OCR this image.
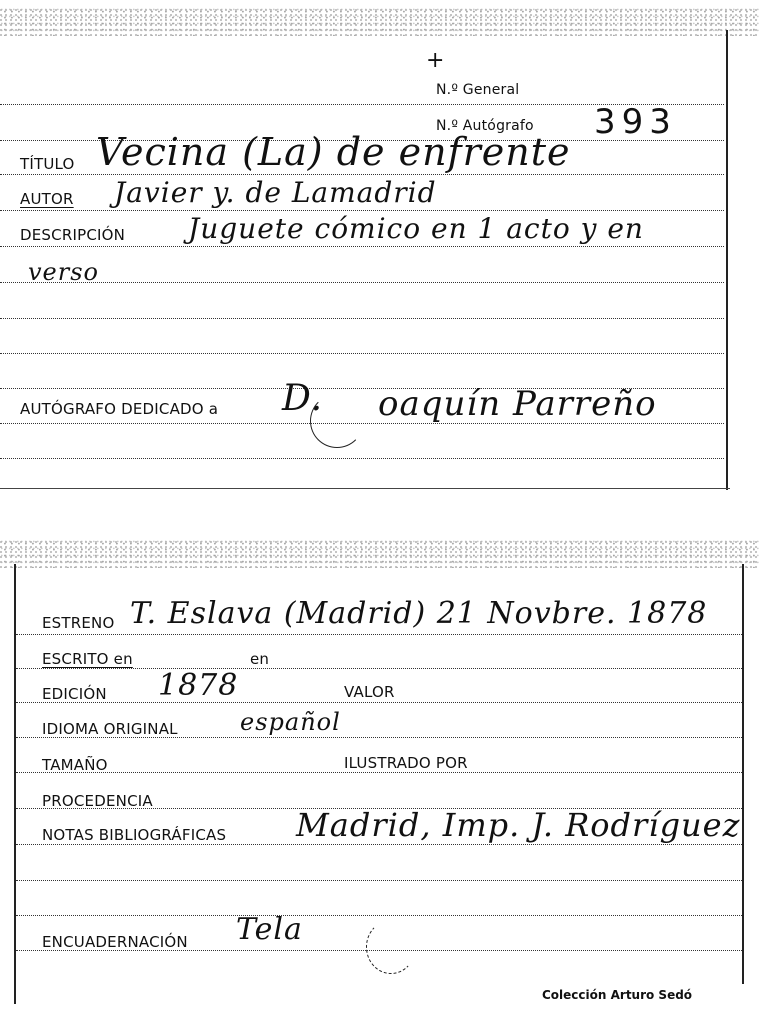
+
N.º General
N.º Autógrafo 393
TÍTULO Vecina (La) de enfrente
AUTOR Javier y. de Lamadrid
DESCRIPCIÓN Juguete cómico en 1 acto y en
verso
AUTÓGRAFO DEDICADO a D. oaquín Parreño
ESTRENO T. Eslava (Madrid) 21 Novbre. 1878
ESCRITO en	en
EDICIÓN 1878	VALOR
IDIOMA ORIGINAL	español
TAMAÑO	ILUSTRADO POR
PROCEDENCIA
NOTAS BIBLIOGRÁFICAS Madrid, Imp. J. Rodríguez
ENCUADERNACIÓN Tela
Colección Arturo Sedó
